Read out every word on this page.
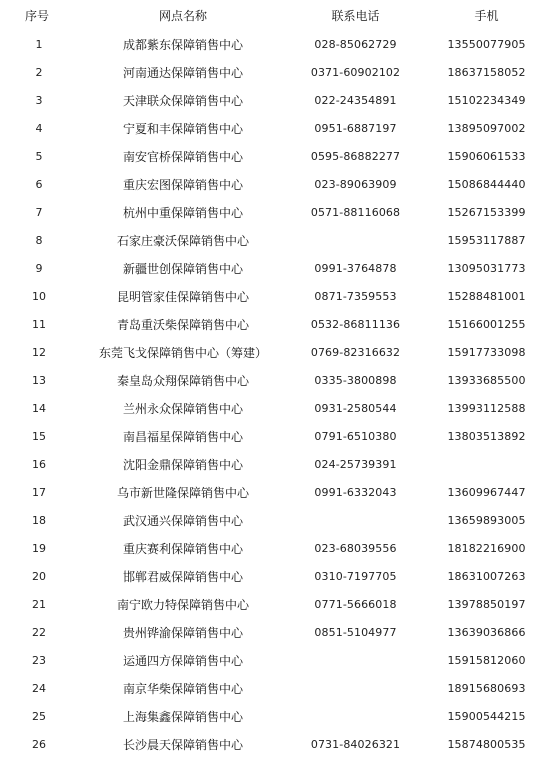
序号	网点名称	联系电话	手机
1	成都紫东保障销售中心	028-85062729	13550077905
2	河南通达保障销售中心	0371-60902102	18637158052
3	天津联众保障销售中心	022-24354891	15102234349
4	宁夏和丰保障销售中心	0951-6887197	13895097002
5	南安官桥保障销售中心	0595-86882277	15906061533
6	重庆宏图保障销售中心	023-89063909	15086844440
7	杭州中重保障销售中心	0571-88116068	15267153399
8	石家庄豪沃保障销售中心		15953117887
9	新疆世创保障销售中心	0991-3764878	13095031773
10	昆明管家佳保障销售中心	0871-7359553	15288481001
11	青岛重沃柴保障销售中心	0532-86811136	15166001255
12	东莞飞戈保障销售中心（筹建）	0769-82316632	15917733098
13	秦皇岛众翔保障销售中心	0335-3800898	13933685500
14	兰州永众保障销售中心	0931-2580544	13993112588
15	南昌福星保障销售中心	0791-6510380	13803513892
16	沈阳金鼎保障销售中心	024-25739391	
17	乌市新世隆保障销售中心	0991-6332043	13609967447
18	武汉通兴保障销售中心		13659893005
19	重庆赛利保障销售中心	023-68039556	18182216900
20	邯郸君威保障销售中心	0310-7197705	18631007263
21	南宁欧力特保障销售中心	0771-5666018	13978850197
22	贵州铧渝保障销售中心	0851-5104977	13639036866
23	运通四方保障销售中心		15915812060
24	南京华柴保障销售中心		18915680693
25	上海集鑫保障销售中心		15900544215
26	长沙晨天保障销售中心	0731-84026321	15874800535
